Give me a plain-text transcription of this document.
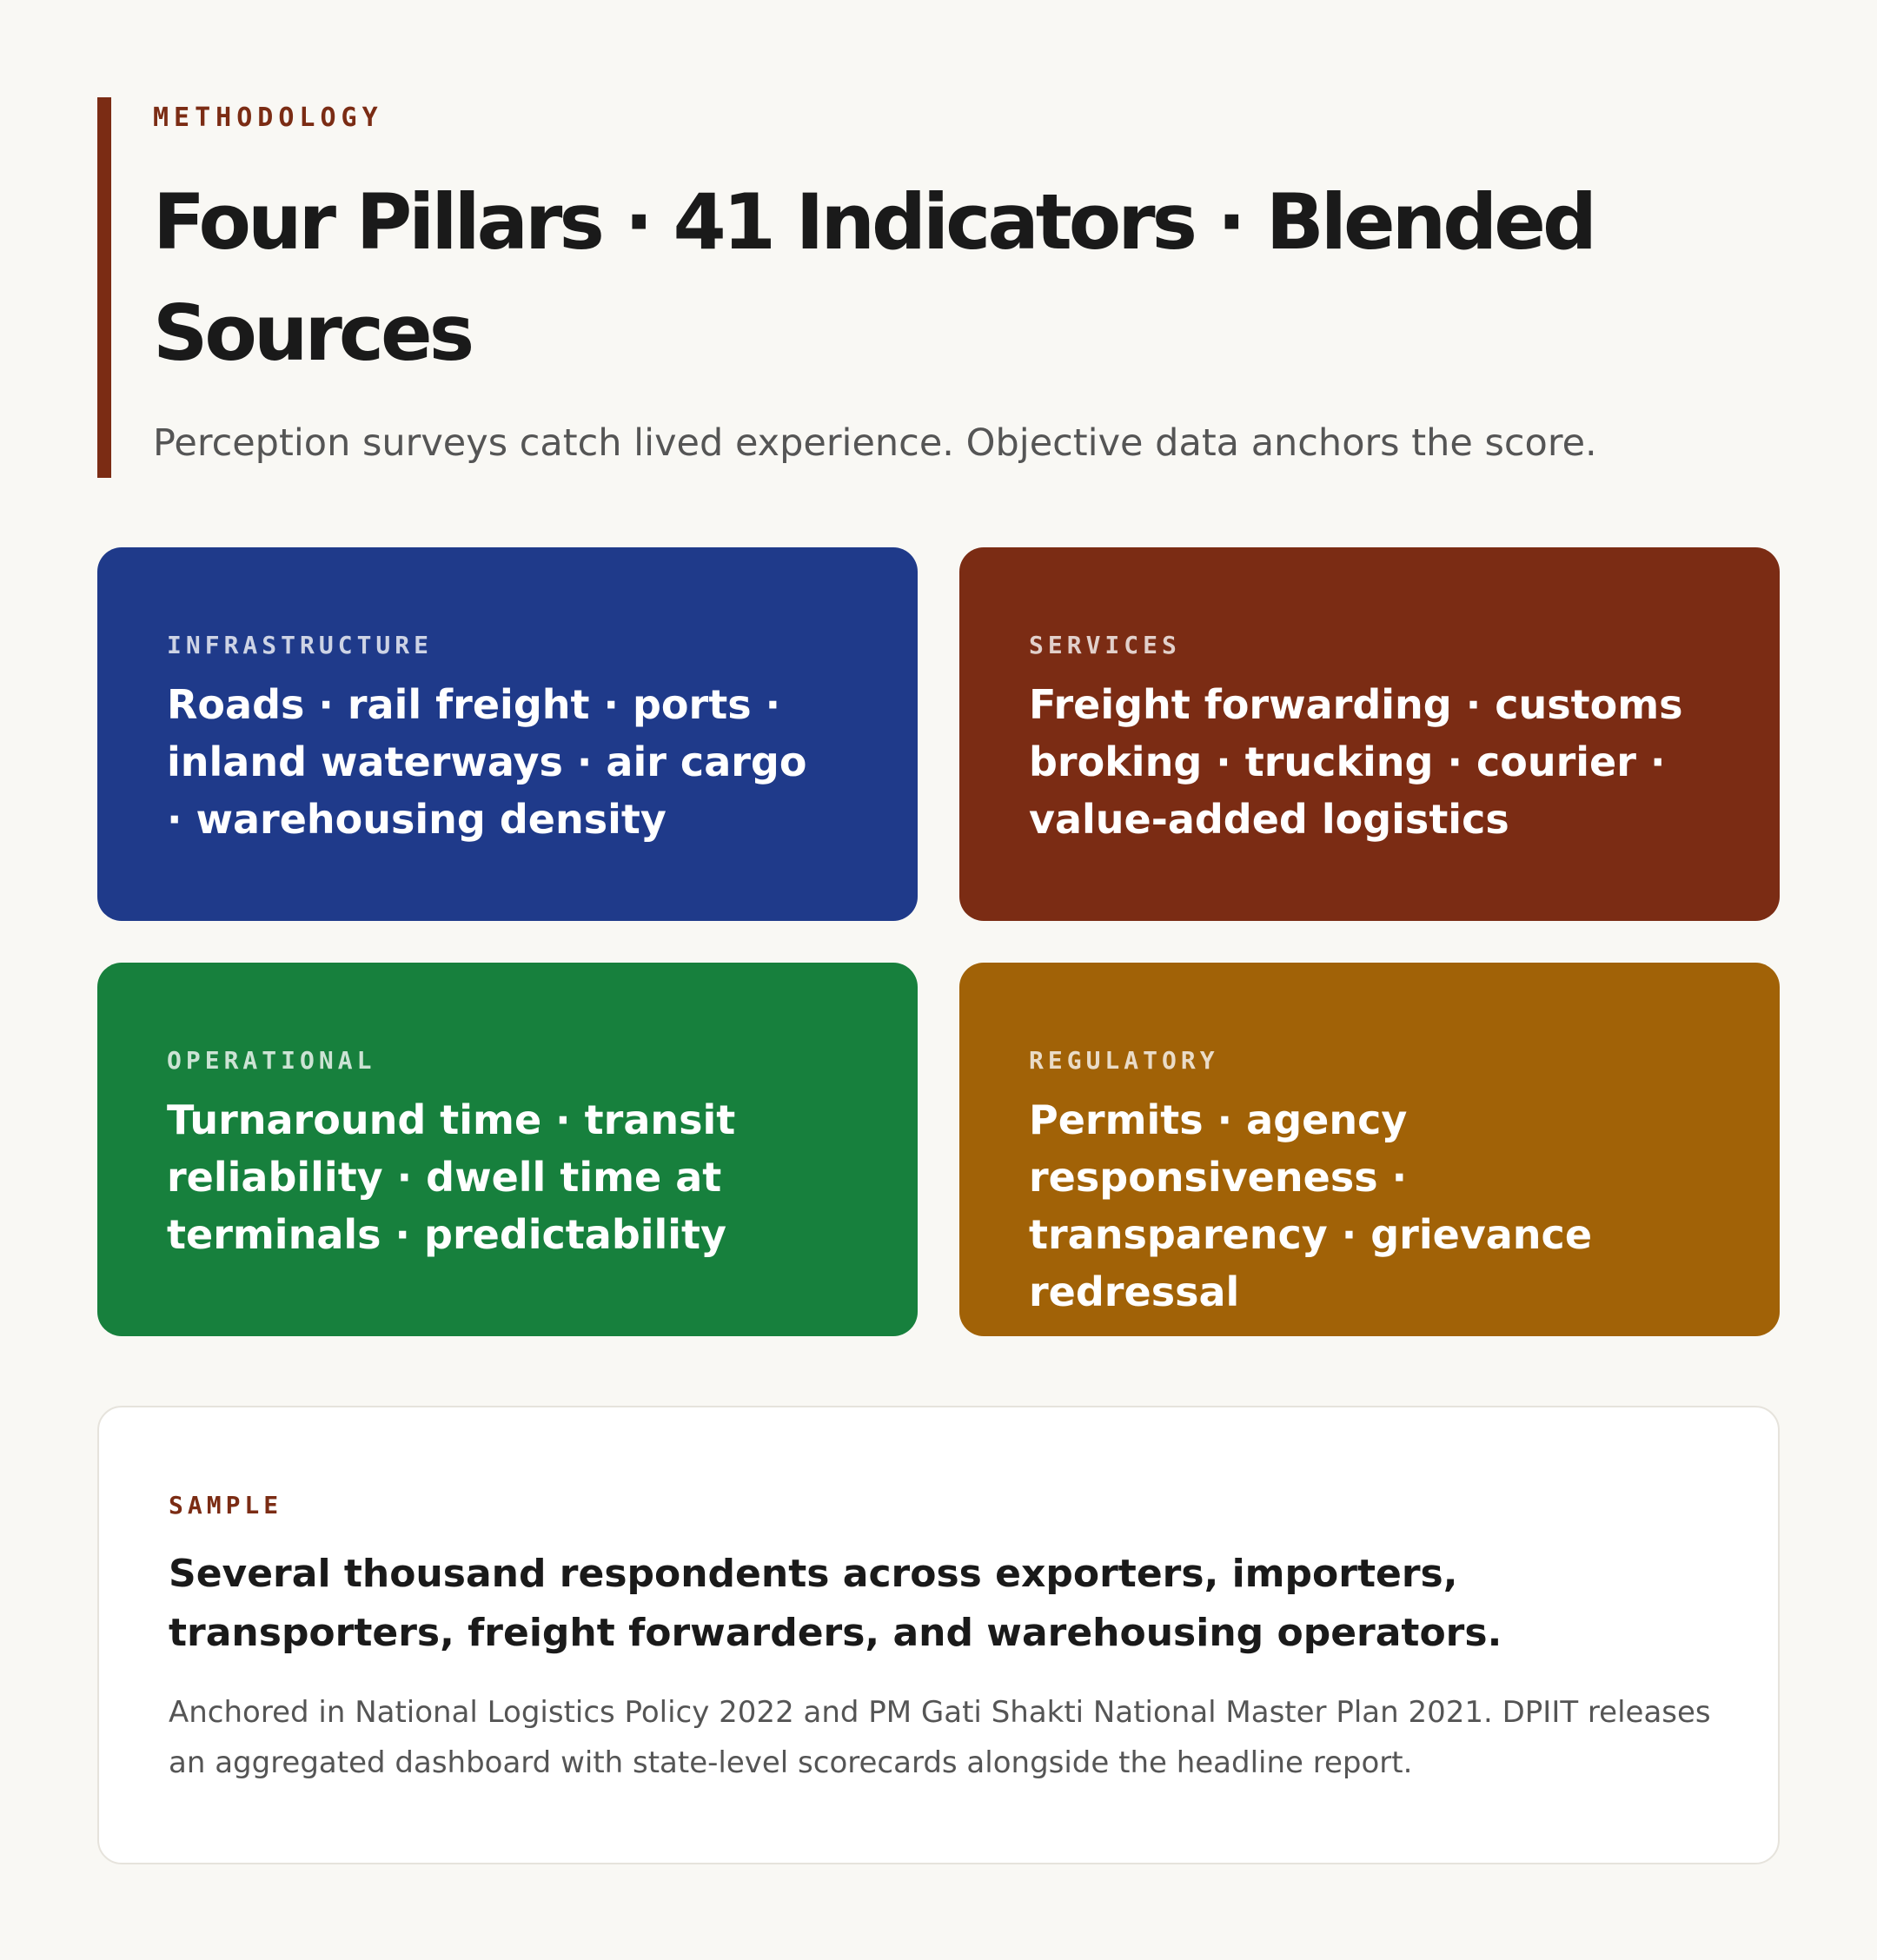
METHODOLOGY
Four Pillars · 41 Indicators · Blended Sources
Perception surveys catch lived experience. Objective data anchors the score.
INFRASTRUCTURE
Roads · rail freight · ports · inland waterways · air cargo · warehousing density
SERVICES
Freight forwarding · customs broking · trucking · courier · value-added logistics
OPERATIONAL
Turnaround time · transit reliability · dwell time at terminals · predictability
REGULATORY
Permits · agency responsiveness · transparency · grievance redressal
SAMPLE
Several thousand respondents across exporters, importers, transporters, freight forwarders, and warehousing operators.
Anchored in National Logistics Policy 2022 and PM Gati Shakti National Master Plan 2021. DPIIT releases an aggregated dashboard with state-level scorecards alongside the headline report.
